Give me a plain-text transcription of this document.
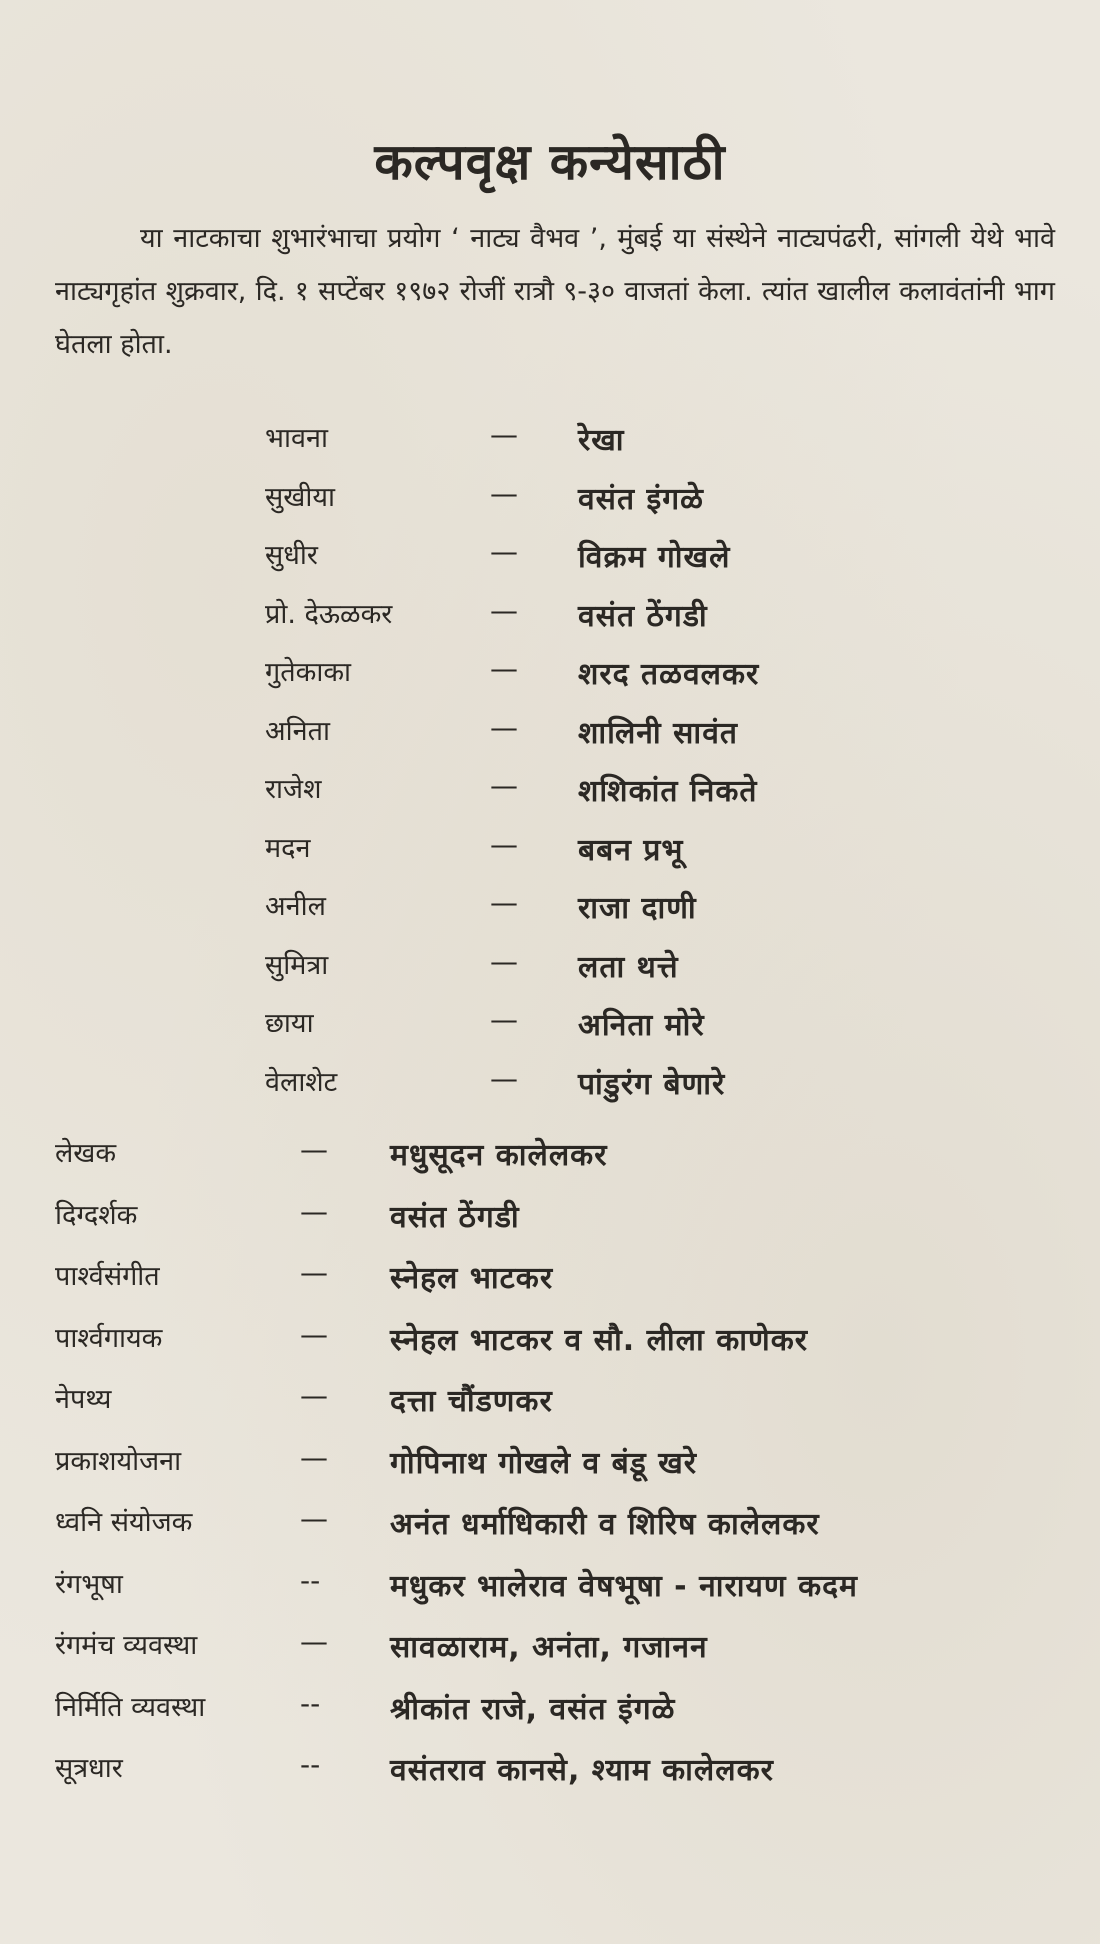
कल्पवृक्ष कन्येसाठी

या नाटकाचा शुभारंभाचा प्रयोग ‘ नाट्य वैभव ’, मुंबई या संस्थेने नाट्यपंढरी, सांगली येथे भावे नाट्यगृहांत शुक्रवार, दि. १ सप्टेंबर १९७२ रोजीं रात्रौ ९-३० वाजतां केला. त्यांत खालील कलावंतांनी भाग घेतला होता.

भावना	— रेखा
सुखीया	— वसंत इंगळे
सुधीर	— विक्रम गोखले
प्रो. देऊळकर	— वसंत ठेंगडी
गुतेकाका	— शरद तळवलकर
अनिता	— शालिनी सावंत
राजेश	— शशिकांत निकते
मदन	— बबन प्रभू
अनील	— राजा दाणी
सुमित्रा	— लता थत्ते
छाया	— अनिता मोरे
वेलाशेट	— पांडुरंग बेणारे
लेखक	— मधुसूदन कालेलकर
दिग्दर्शक	— वसंत ठेंगडी
पार्श्वसंगीत	— स्नेहल भाटकर
पार्श्वगायक	— स्नेहल भाटकर व सौ. लीला काणेकर
नेपथ्य	— दत्ता चौंडणकर
प्रकाशयोजना	— गोपिनाथ गोखले व बंडू खरे
ध्वनि संयोजक	— अनंत धर्माधिकारी व शिरिष कालेलकर
रंगभूषा	-- मधुकर भालेराव वेषभूषा - नारायण कदम
रंगमंच व्यवस्था	— सावळाराम, अनंता, गजानन
निर्मिति व्यवस्था	-- श्रीकांत राजे, वसंत इंगळे
सूत्रधार	-- वसंतराव कानसे, श्याम कालेलकर
